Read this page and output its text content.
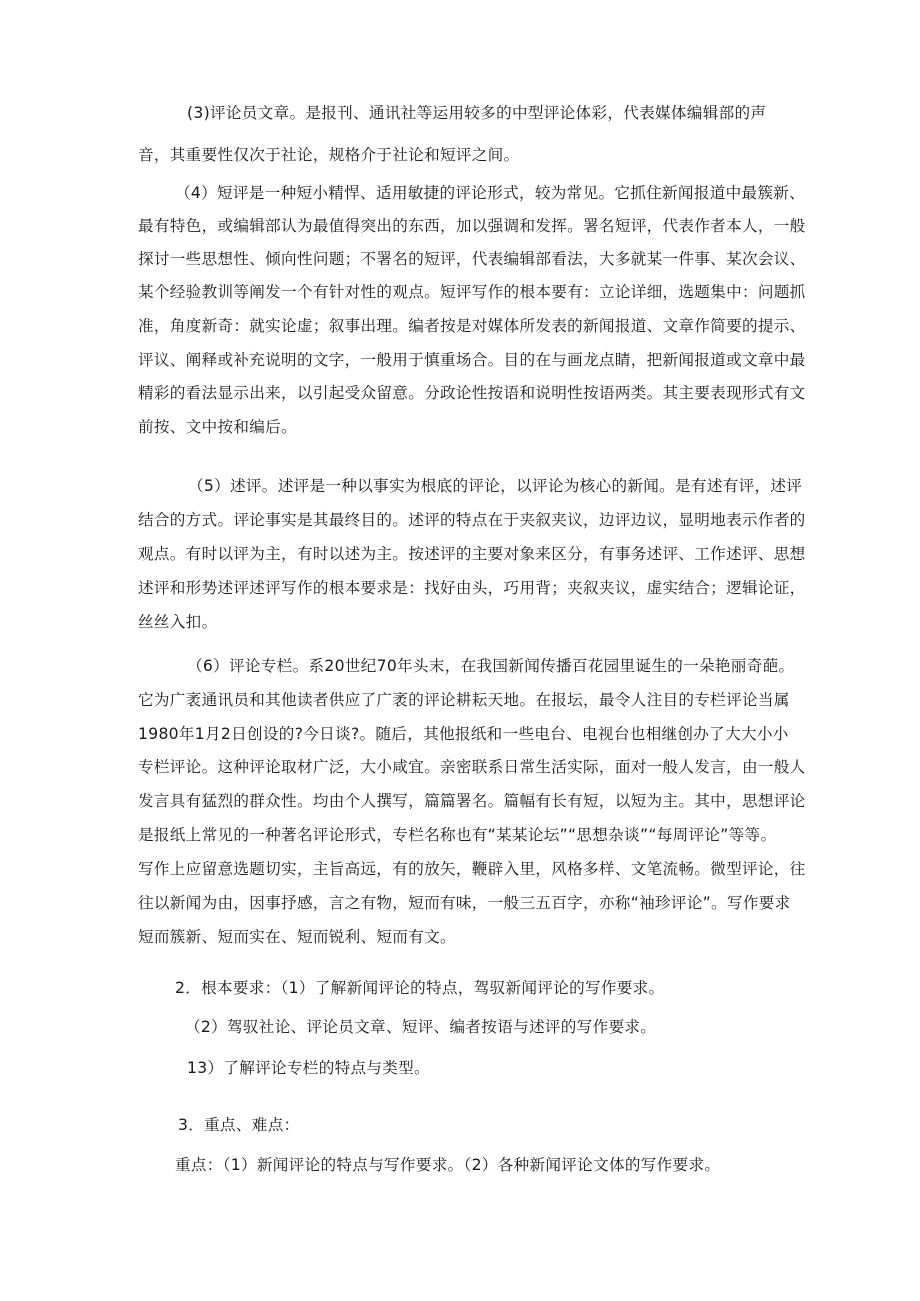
(3)评论员文章。是报刊、通讯社等运用较多的中型评论体彩，代表媒体编辑部的声
音，其重要性仅次于社论，规格介于社论和短评之间。
（4）短评是一种短小精悍、适用敏捷的评论形式，较为常见。它抓住新闻报道中最簇新、
最有特色，或编辑部认为最值得突出的东西，加以强调和发挥。署名短评，代表作者本人，一般
探讨一些思想性、倾向性问题；不署名的短评，代表编辑部看法，大多就某一件事、某次会议、
某个经验教训等阐发一个有针对性的观点。短评写作的根本要有：立论详细，选题集中：问题抓
准，角度新奇：就实论虚；叙事出理。编者按是对媒体所发表的新闻报道、文章作简要的提示、
评议、阐释或补充说明的文字，一般用于慎重场合。目的在与画龙点睛，把新闻报道或文章中最
精彩的看法显示出来，以引起受众留意。分政论性按语和说明性按语两类。其主要表现形式有文
前按、文中按和编后。
（5）述评。述评是一种以事实为根底的评论，以评论为核心的新闻。是有述有评，述评
结合的方式。评论事实是其最终目的。述评的特点在于夹叙夹议，边评边议，显明地表示作者的
观点。有时以评为主，有时以述为主。按述评的主要对象来区分，有事务述评、工作述评、思想
述评和形势述评述评写作的根本要求是：找好由头，巧用背；夹叙夹议，虚实结合；逻辑论证，
丝丝入扣。
（6）评论专栏。系20世纪70年头末，在我国新闻传播百花园里诞生的一朵艳丽奇葩。
它为广袤通讯员和其他读者供应了广袤的评论耕耘天地。在报坛，最令人注目的专栏评论当属
1980年1月2日创设的?今日谈?。随后，其他报纸和一些电台、电视台也相继创办了大大小小
专栏评论。这种评论取材广泛，大小咸宜。亲密联系日常生活实际，面对一般人发言，由一般人
发言具有猛烈的群众性。均由个人撰写，篇篇署名。篇幅有长有短，以短为主。其中，思想评论
是报纸上常见的一种著名评论形式，专栏名称也有“某某论坛”“思想杂谈”“每周评论”等等。
写作上应留意选题切实，主旨高远，有的放矢，鞭辟入里，风格多样、文笔流畅。微型评论，往
往以新闻为由，因事抒感，言之有物，短而有味，一般三五百字，亦称“袖珍评论”。写作要求
短而簇新、短而实在、短而锐利、短而有文。
2．根本要求：（1）了解新闻评论的特点，驾驭新闻评论的写作要求。
（2）驾驭社论、评论员文章、短评、编者按语与述评的写作要求。
13）了解评论专栏的特点与类型。
3．重点、难点：
重点：（1）新闻评论的特点与写作要求。（2）各种新闻评论文体的写作要求。
